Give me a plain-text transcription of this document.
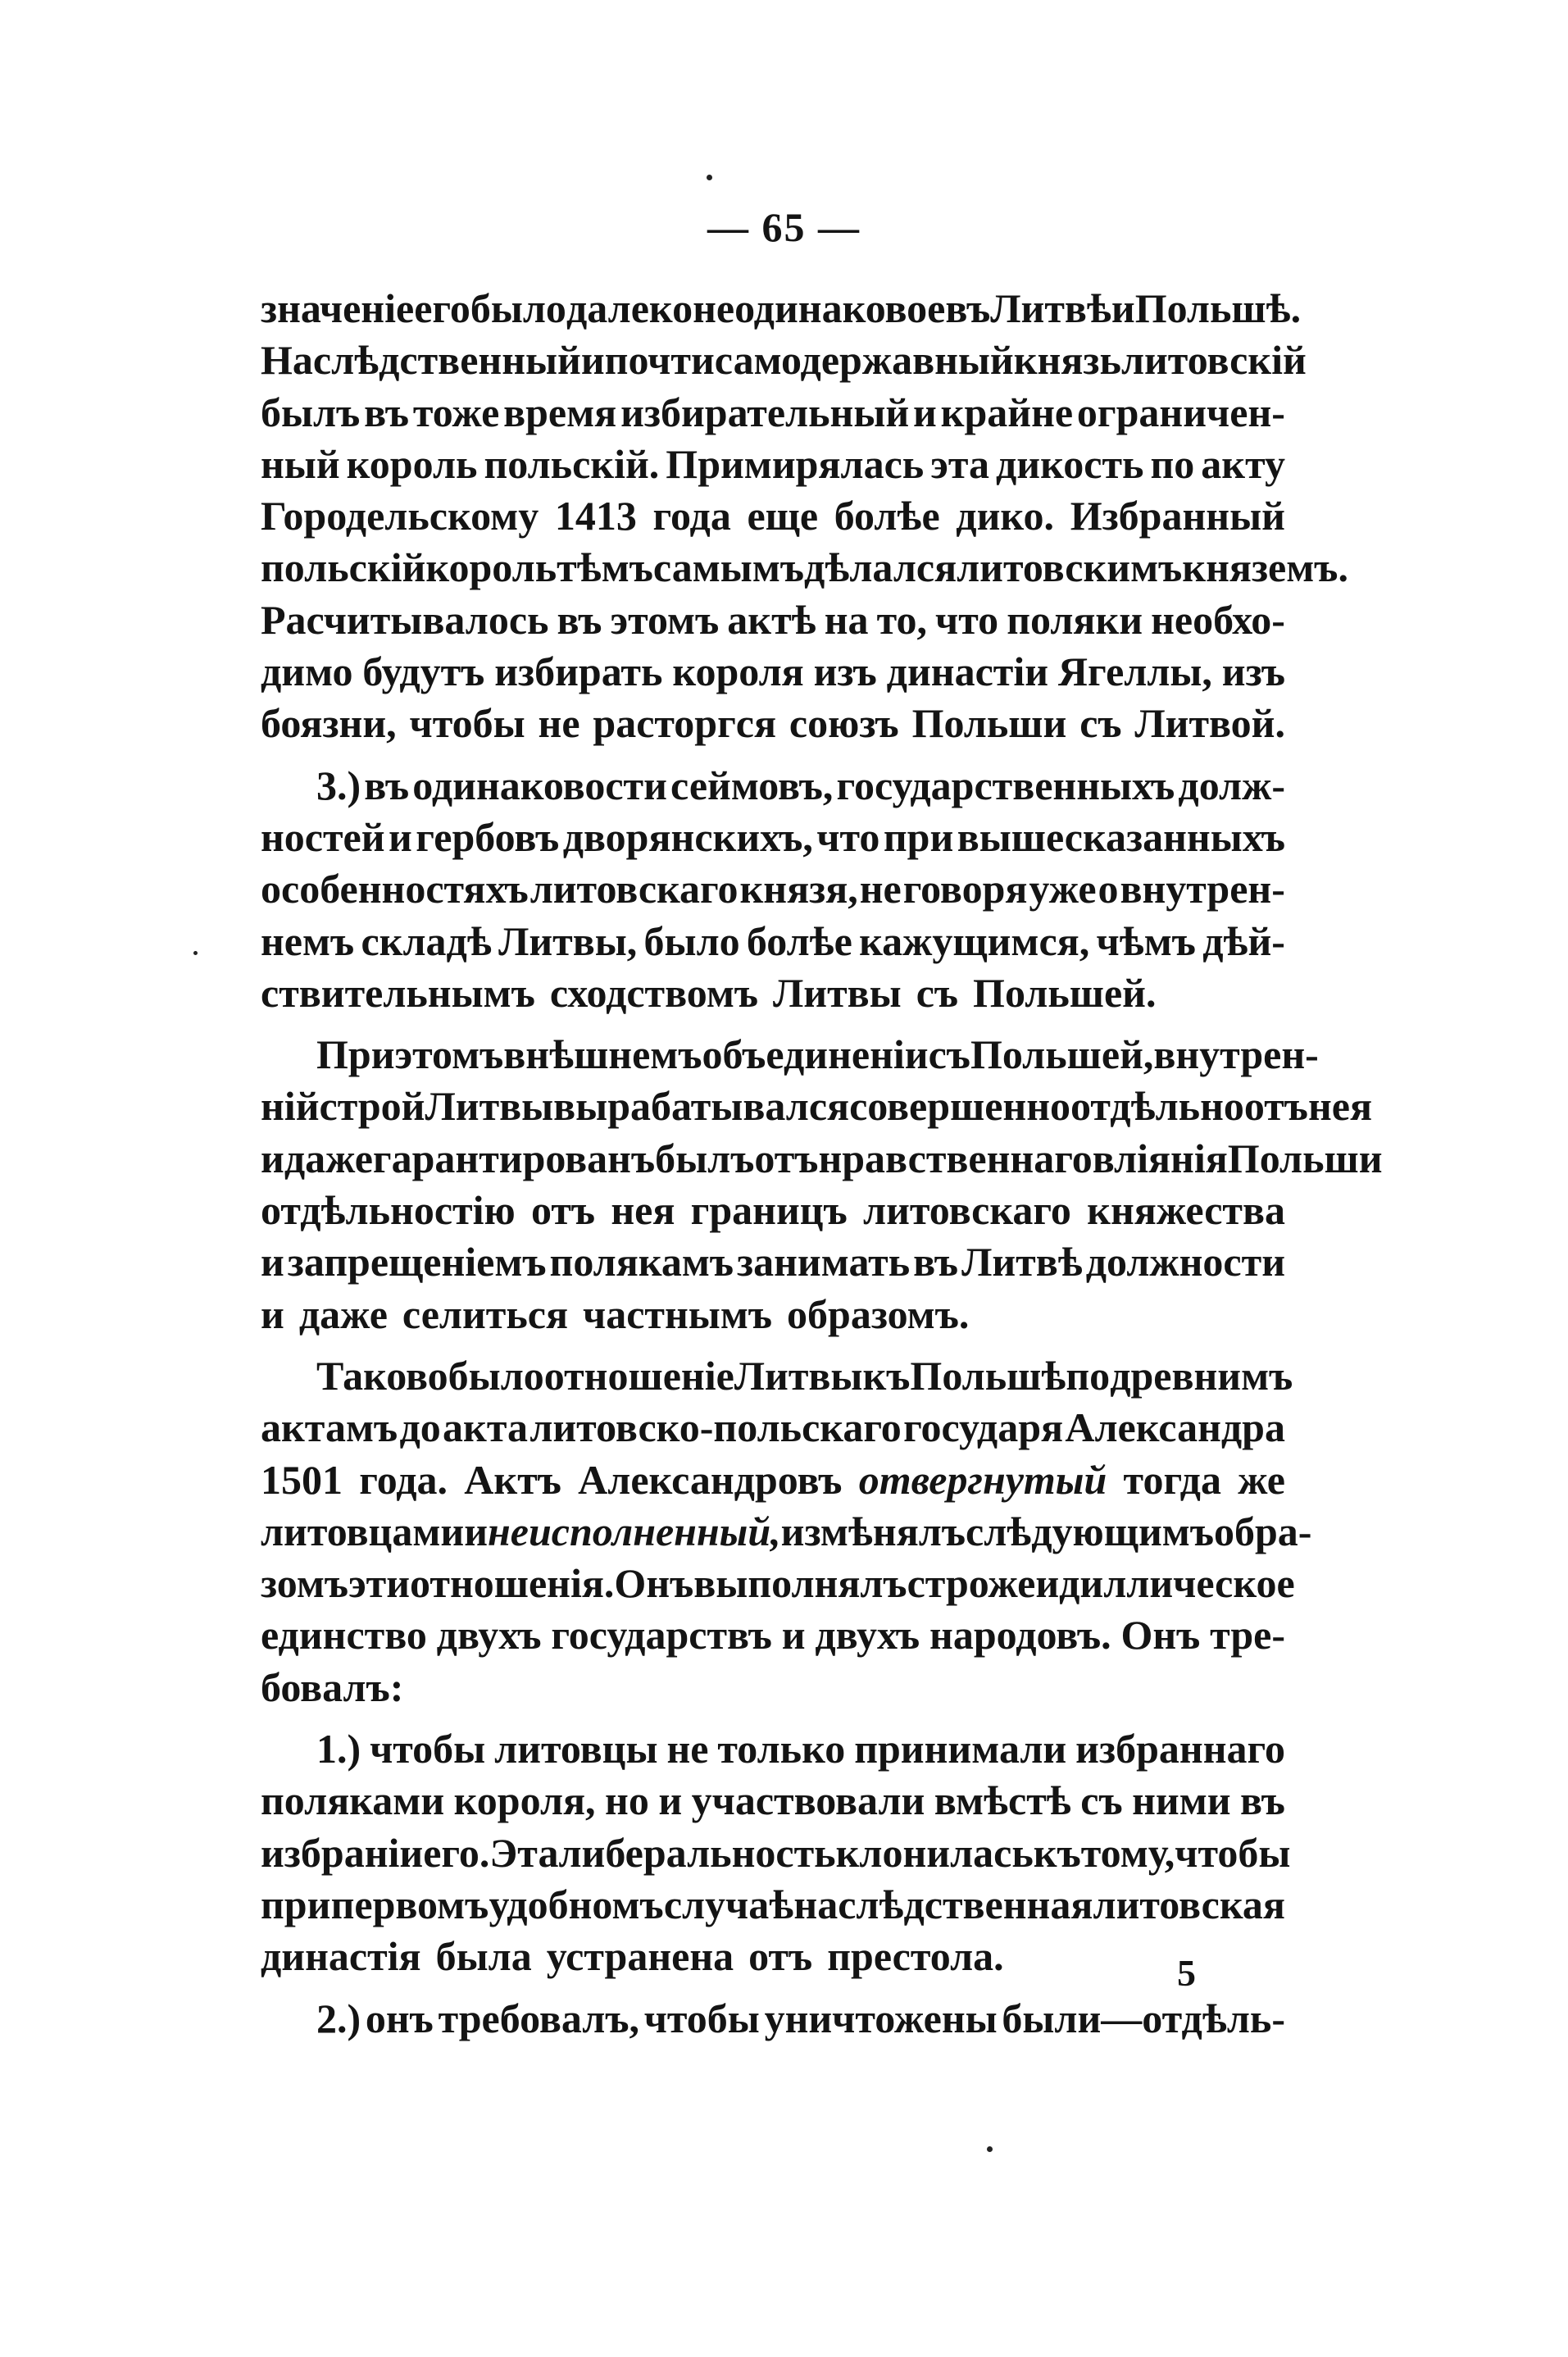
— 65 —
значеніе его было далеко не одинаковое въ Литвѣ и Польшѣ.
Наслѣдственный и почти самодержавный князь литовскій
былъ въ тоже время избирательный и крайне ограничен-
ный король польскій. Примирялась эта дикость по акту
Городельскому 1413 года еще болѣе дико. Избранный
польскій король тѣмъ самымъ дѣлался литовскимъ княземъ.
Расчитывалось въ этомъ актѣ на то, что поляки необхо-
димо будутъ избирать короля изъ династіи Ягеллы, изъ
боязни, чтобы не расторгся союзъ Польши съ Литвой.
3.) въ одинаковости сеймовъ, государственныхъ долж-
ностей и гербовъ дворянскихъ, что при вышесказанныхъ
особенностяхъ литовскаго князя, не говоря уже о внутрен-
немъ складѣ Литвы, было болѣе кажущимся, чѣмъ дѣй-
ствительнымъ сходствомъ Литвы съ Польшей.
При этомъ внѣшнемъ объединеніи съ Польшей, внутрен-
ній строй Литвы вырабатывался совершенно отдѣльно отъ нея
и даже гарантированъ былъ отъ нравственнаго вліянія Польши
отдѣльностію отъ нея границъ литовскаго княжества
и запрещеніемъ полякамъ занимать въ Литвѣ должности
и даже селиться частнымъ образомъ.
Таково было отношеніе Литвы къ Польшѣ по древнимъ
актамъ до акта литовско-польскаго государя Александра
1501 года. Актъ Александровъ отвергнутый тогда же
литовцами и неисполненный, измѣнялъ слѣдующимъ обра-
зомъ эти отношенія. Онъ выполнялъ строже идиллическое
единство двухъ государствъ и двухъ народовъ. Онъ тре-
бовалъ:
1.) чтобы литовцы не только принимали избраннаго
поляками короля, но и участвовали вмѣстѣ съ ними въ
избраніи его. Эта либеральность клонилась къ тому, чтобы
при первомъ удобномъ случаѣ наслѣдственная литовская
династія была устранена отъ престола.
2.) онъ требовалъ, чтобы уничтожены были—отдѣль-
5
